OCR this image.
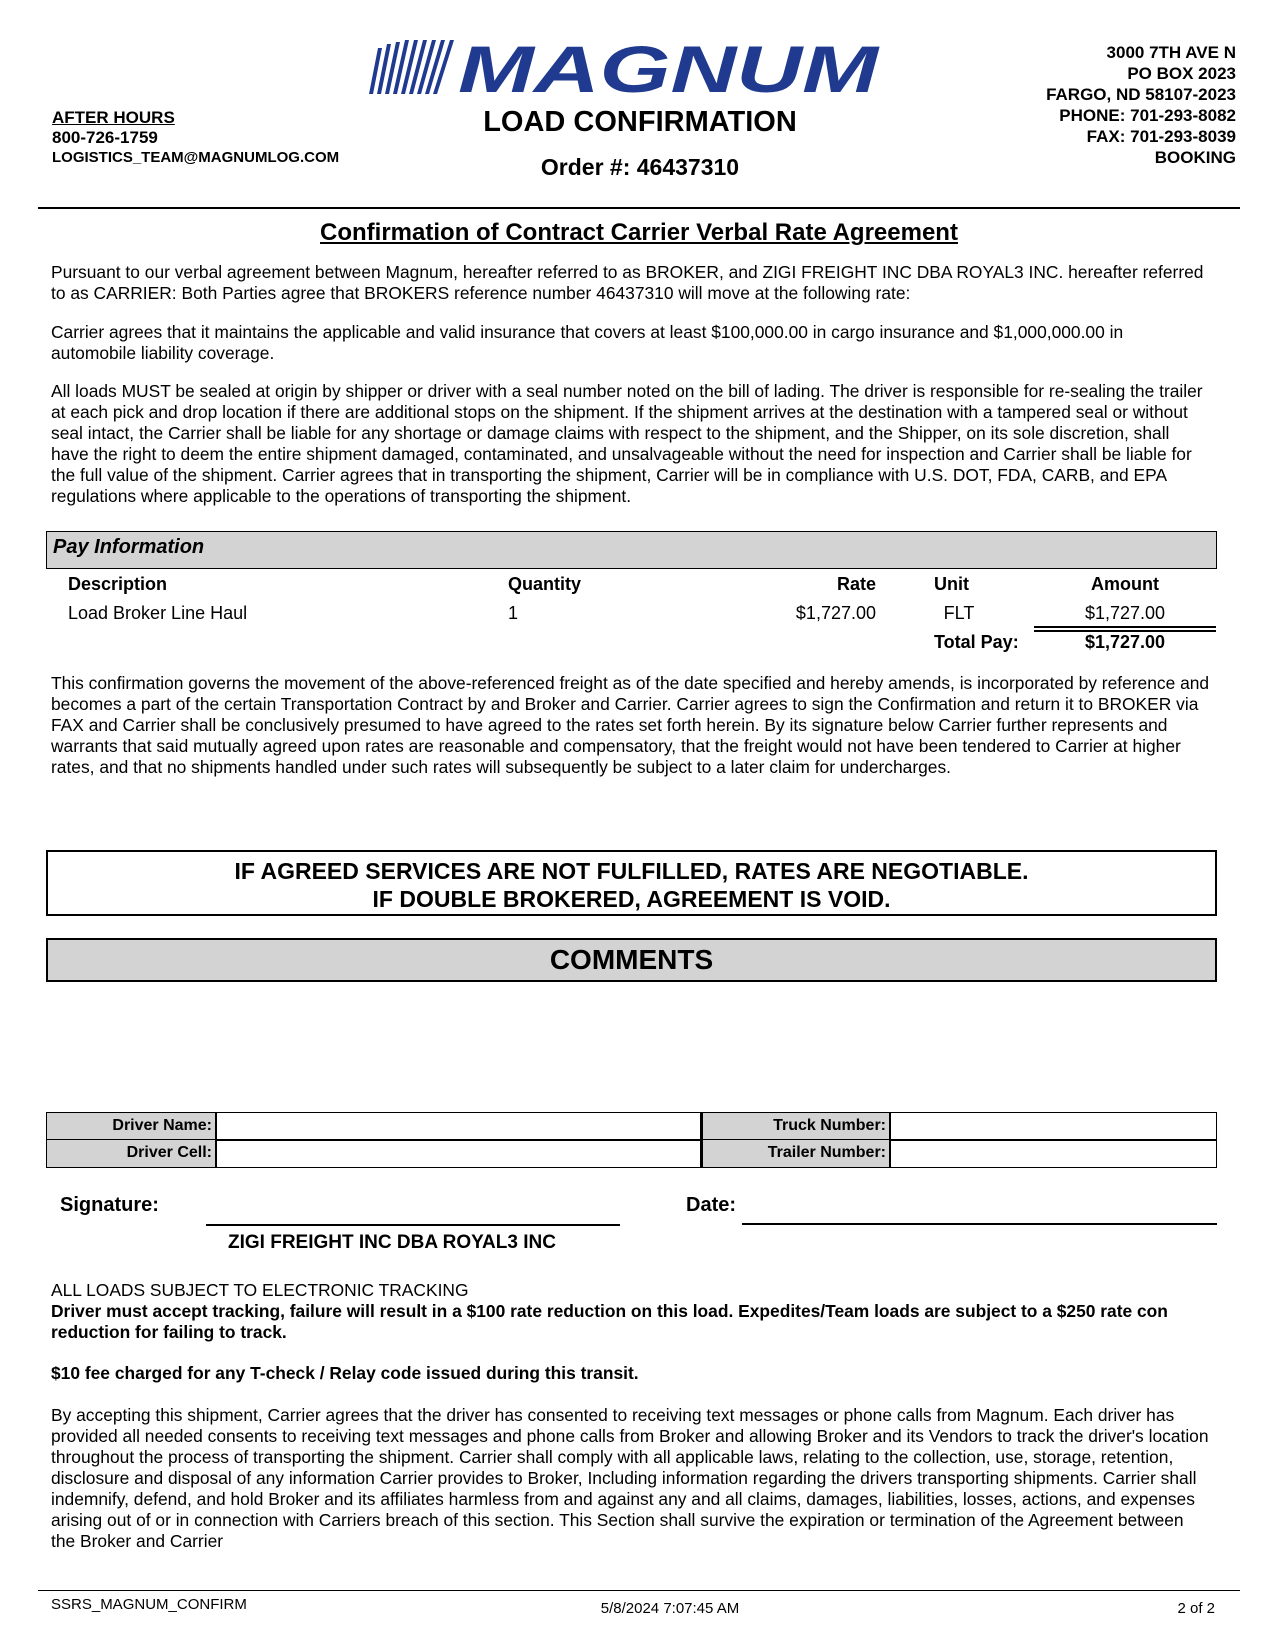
MAGNUM
AFTER HOURS
800-726-1759
LOGISTICS_TEAM@MAGNUMLOG.COM
LOAD CONFIRMATION
Order #: 46437310
3000 7TH AVE N
PO BOX 2023
FARGO, ND 58107-2023
PHONE: 701-293-8082
FAX: 701-293-8039
BOOKING
Confirmation of Contract Carrier Verbal Rate Agreement
Pursuant to our verbal agreement between Magnum, hereafter referred to as BROKER, and ZIGI FREIGHT INC DBA ROYAL3 INC. hereafter referred to as CARRIER: Both Parties agree that BROKERS reference number 46437310 will move at the following rate:
Carrier agrees that it maintains the applicable and valid insurance that covers at least $100,000.00 in cargo insurance and $1,000,000.00 in automobile liability coverage.
All loads MUST be sealed at origin by shipper or driver with a seal number noted on the bill of lading. The driver is responsible for re-sealing the trailer at each pick and drop location if there are additional stops on the shipment. If the shipment arrives at the destination with a tampered seal or without seal intact, the Carrier shall be liable for any shortage or damage claims with respect to the shipment, and the Shipper, on its sole discretion, shall have the right to deem the entire shipment damaged, contaminated, and unsalvageable without the need for inspection and Carrier shall be liable for the full value of the shipment. Carrier agrees that in transporting the shipment, Carrier will be in compliance with U.S. DOT, FDA, CARB, and EPA regulations where applicable to the operations of transporting the shipment.
Pay Information
Description	Quantity	Rate	Unit	Amount
Load Broker Line Haul	1	$1,727.00	FLT	$1,727.00
Total Pay:	$1,727.00
This confirmation governs the movement of the above-referenced freight as of the date specified and hereby amends, is incorporated by reference and becomes a part of the certain Transportation Contract by and Broker and Carrier. Carrier agrees to sign the Confirmation and return it to BROKER via FAX and Carrier shall be conclusively presumed to have agreed to the rates set forth herein. By its signature below Carrier further represents and warrants that said mutually agreed upon rates are reasonable and compensatory, that the freight would not have been tendered to Carrier at higher rates, and that no shipments handled under such rates will subsequently be subject to a later claim for undercharges.
IF AGREED SERVICES ARE NOT FULFILLED, RATES ARE NEGOTIABLE.
IF DOUBLE BROKERED, AGREEMENT IS VOID.
COMMENTS
Driver Name:	Truck Number:
Driver Cell:	Trailer Number:
Signature:	Date:
ZIGI FREIGHT INC DBA ROYAL3 INC
ALL LOADS SUBJECT TO ELECTRONIC TRACKING
Driver must accept tracking, failure will result in a $100 rate reduction on this load. Expedites/Team loads are subject to a $250 rate con reduction for failing to track.
$10 fee charged for any T-check / Relay code issued during this transit.
By accepting this shipment, Carrier agrees that the driver has consented to receiving text messages or phone calls from Magnum. Each driver has provided all needed consents to receiving text messages and phone calls from Broker and allowing Broker and its Vendors to track the driver's location throughout the process of transporting the shipment. Carrier shall comply with all applicable laws, relating to the collection, use, storage, retention, disclosure and disposal of any information Carrier provides to Broker, Including information regarding the drivers transporting shipments. Carrier shall indemnify, defend, and hold Broker and its affiliates harmless from and against any and all claims, damages, liabilities, losses, actions, and expenses arising out of or in connection with Carriers breach of this section. This Section shall survive the expiration or termination of the Agreement between the Broker and Carrier
SSRS_MAGNUM_CONFIRM	5/8/2024 7:07:45 AM	2 of 2
